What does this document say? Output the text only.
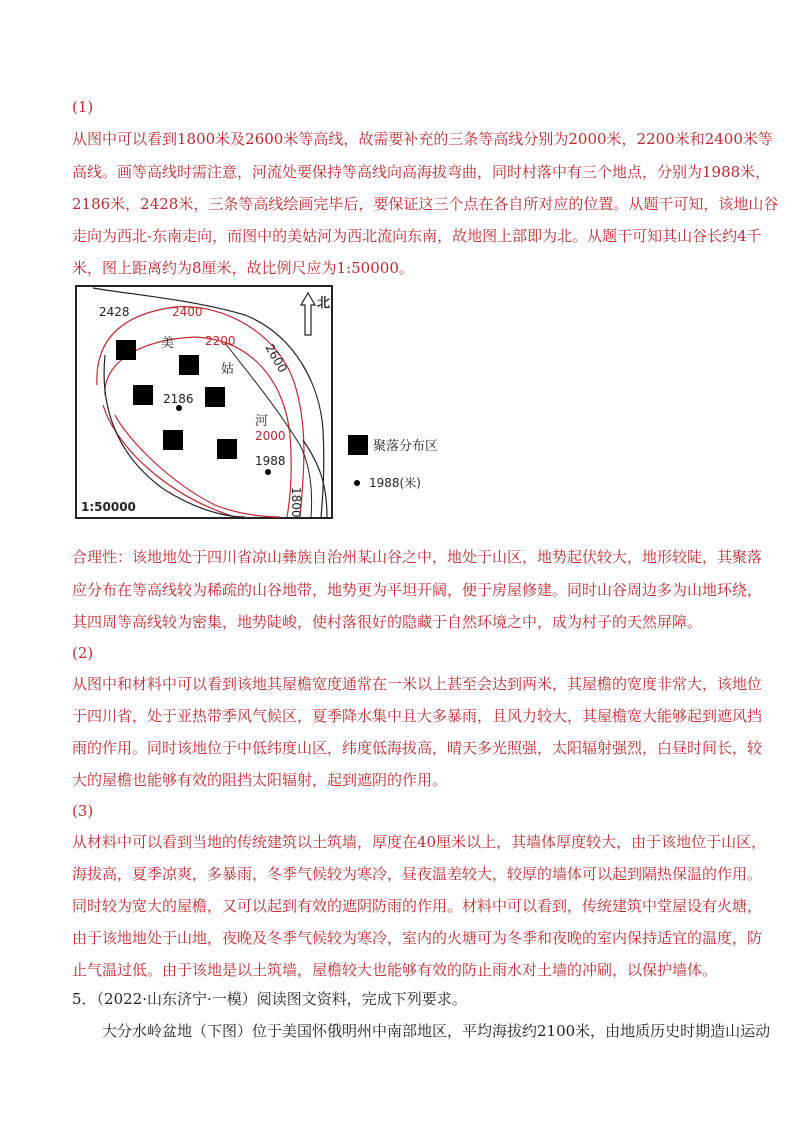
(1)
从图中可以看到1800米及2600米等高线，故需要补充的三条等高线分别为2000米，2200米和2400米等
高线。画等高线时需注意，河流处要保持等高线向高海拔弯曲，同时村落中有三个地点，分别为1988米，
2186米，2428米，三条等高线绘画完毕后，要保证这三个点在各自所对应的位置。从题干可知，该地山谷
走向为西北-东南走向，而图中的美姑河为西北流向东南，故地图上部即为北。从题干可知其山谷长约4千
米，图上距离约为8厘米，故比例尺应为1:50000。
2400
2200
2000
2600
1800
美
姑
河
2428
2186
1988
1:50000
北
聚落分布区
1988(米)
合理性：该地地处于四川省凉山彝族自治州某山谷之中，地处于山区，地势起伏较大，地形较陡，其聚落
应分布在等高线较为稀疏的山谷地带，地势更为平坦开阔，便于房屋修建。同时山谷周边多为山地环绕，
其四周等高线较为密集，地势陡峻，使村落很好的隐藏于自然环境之中，成为村子的天然屏障。
(2)
从图中和材料中可以看到该地其屋檐宽度通常在一米以上甚至会达到两米，其屋檐的宽度非常大，该地位
于四川省，处于亚热带季风气候区，夏季降水集中且大多暴雨，且风力较大，其屋檐宽大能够起到遮风挡
雨的作用。同时该地位于中低纬度山区，纬度低海拔高，晴天多光照强，太阳辐射强烈，白昼时间长，较
大的屋檐也能够有效的阻挡太阳辐射，起到遮阴的作用。
(3)
从材料中可以看到当地的传统建筑以土筑墙，厚度在40厘米以上，其墙体厚度较大，由于该地位于山区，
海拔高，夏季凉爽，多暴雨，冬季气候较为寒冷，昼夜温差较大，较厚的墙体可以起到隔热保温的作用。
同时较为宽大的屋檐，又可以起到有效的遮阴防雨的作用。材料中可以看到，传统建筑中堂屋设有火塘，
由于该地地处于山地，夜晚及冬季气候较为寒冷，室内的火塘可为冬季和夜晚的室内保持适宜的温度，防
止气温过低。由于该地是以土筑墙，屋檐较大也能够有效的防止雨水对土墙的冲刷，以保护墙体。
5．（2022·山东济宁·一模）阅读图文资料，完成下列要求。
大分水岭盆地（下图）位于美国怀俄明州中南部地区，平均海拔约2100米，由地质历史时期造山运动
